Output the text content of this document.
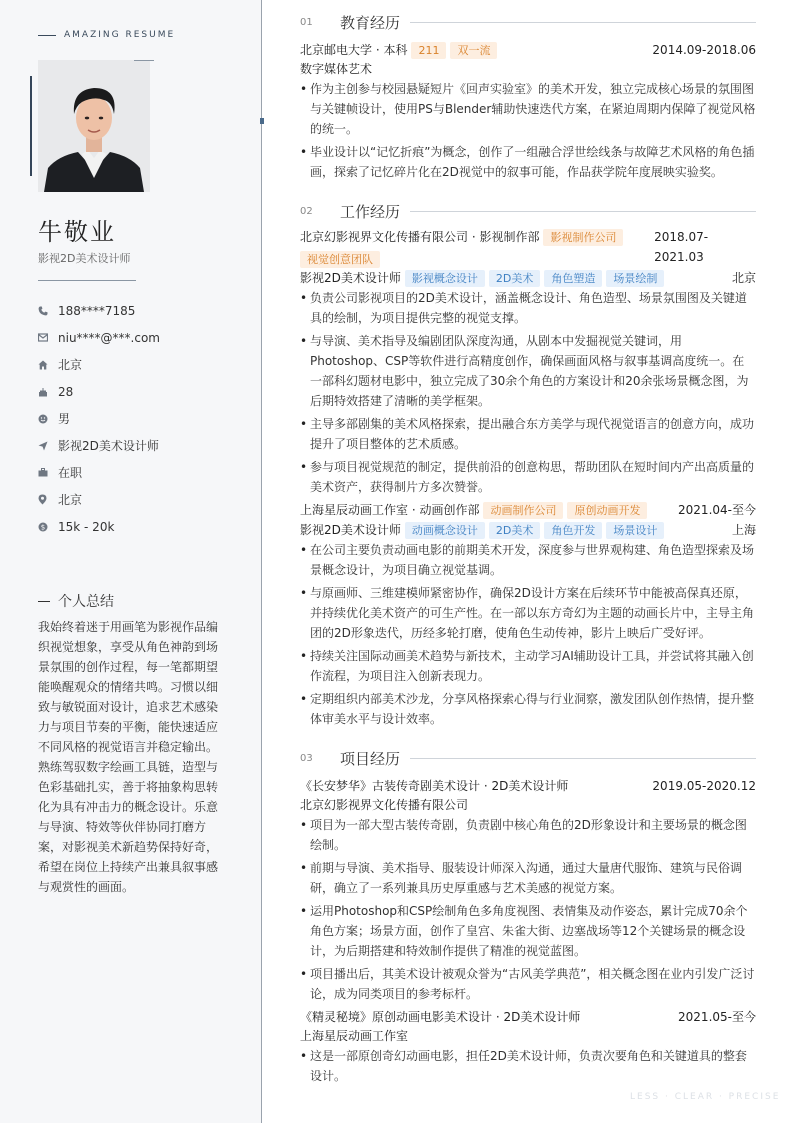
AMAZING RESUME
牛敬业
影视2D美术设计师
188****7185
niu****@***.com
北京
28
男
影视2D美术设计师
在职
北京
$ 15k - 20k
个人总结
我始终着迷于用画笔为影视作品编织视觉想象，享受从角色神韵到场景氛围的创作过程，每一笔都期望能唤醒观众的情绪共鸣。习惯以细致与敏锐面对设计，追求艺术感染力与项目节奏的平衡，能快速适应不同风格的视觉语言并稳定输出。熟练驾驭数字绘画工具链，造型与色彩基础扎实，善于将抽象构思转化为具有冲击力的概念设计。乐意与导演、特效等伙伴协同打磨方案，对影视美术新趋势保持好奇，希望在岗位上持续产出兼具叙事感与观赏性的画面。
01	教育经历
北京邮电大学 · 本科	211	双一流	2014.09-2018.06
数字媒体艺术
• 作为主创参与校园悬疑短片《回声实验室》的美术开发，独立完成核心场景的氛围图与关键帧设计，使用PS与Blender辅助快速迭代方案，在紧迫周期内保障了视觉风格的统一。
• 毕业设计以“记忆折痕”为概念，创作了一组融合浮世绘线条与故障艺术风格的角色插画，探索了记忆碎片化在2D视觉中的叙事可能，作品获学院年度展映实验奖。
02	工作经历
北京幻影视界文化传播有限公司 · 影视制作部	影视制作公司
视觉创意团队
2018.07-2021.03
影视2D美术设计师	影视概念设计	2D美术	角色塑造	场景绘制	北京
• 负责公司影视项目的2D美术设计，涵盖概念设计、角色造型、场景氛围图及关键道具的绘制，为项目提供完整的视觉支撑。
• 与导演、美术指导及编剧团队深度沟通，从剧本中发掘视觉关键词，用Photoshop、CSP等软件进行高精度创作，确保画面风格与叙事基调高度统一。在一部科幻题材电影中，独立完成了30余个角色的方案设计和20余张场景概念图，为后期特效搭建了清晰的美学框架。
• 主导多部剧集的美术风格探索，提出融合东方美学与现代视觉语言的创意方向，成功提升了项目整体的艺术质感。
• 参与项目视觉规范的制定，提供前沿的创意构思，帮助团队在短时间内产出高质量的美术资产，获得制片方多次赞誉。
上海星辰动画工作室 · 动画创作部	动画制作公司	原创动画开发	2021.04-至今
影视2D美术设计师	动画概念设计	2D美术	角色开发	场景设计	上海
• 在公司主要负责动画电影的前期美术开发，深度参与世界观构建、角色造型探索及场景概念设计，为项目确立视觉基调。
• 与原画师、三维建模师紧密协作，确保2D设计方案在后续环节中能被高保真还原，并持续优化美术资产的可生产性。在一部以东方奇幻为主题的动画长片中，主导主角团的2D形象迭代，历经多轮打磨，使角色生动传神，影片上映后广受好评。
• 持续关注国际动画美术趋势与新技术，主动学习AI辅助设计工具，并尝试将其融入创作流程，为项目注入创新表现力。
• 定期组织内部美术沙龙，分享风格探索心得与行业洞察，激发团队创作热情，提升整体审美水平与设计效率。
03	项目经历
《长安梦华》古装传奇剧美术设计 · 2D美术设计师	2019.05-2020.12
北京幻影视界文化传播有限公司
• 项目为一部大型古装传奇剧，负责剧中核心角色的2D形象设计和主要场景的概念图绘制。
• 前期与导演、美术指导、服装设计师深入沟通，通过大量唐代服饰、建筑与民俗调研，确立了一系列兼具历史厚重感与艺术美感的视觉方案。
• 运用Photoshop和CSP绘制角色多角度视图、表情集及动作姿态，累计完成70余个角色方案；场景方面，创作了皇宫、朱雀大街、边塞战场等12个关键场景的概念设计，为后期搭建和特效制作提供了精准的视觉蓝图。
• 项目播出后，其美术设计被观众誉为“古风美学典范”，相关概念图在业内引发广泛讨论，成为同类项目的参考标杆。
《精灵秘境》原创动画电影美术设计 · 2D美术设计师	2021.05-至今
上海星辰动画工作室
• 这是一部原创奇幻动画电影，担任2D美术设计师，负责次要角色和关键道具的整套设计。
LESS · CLEAR · PRECISE
